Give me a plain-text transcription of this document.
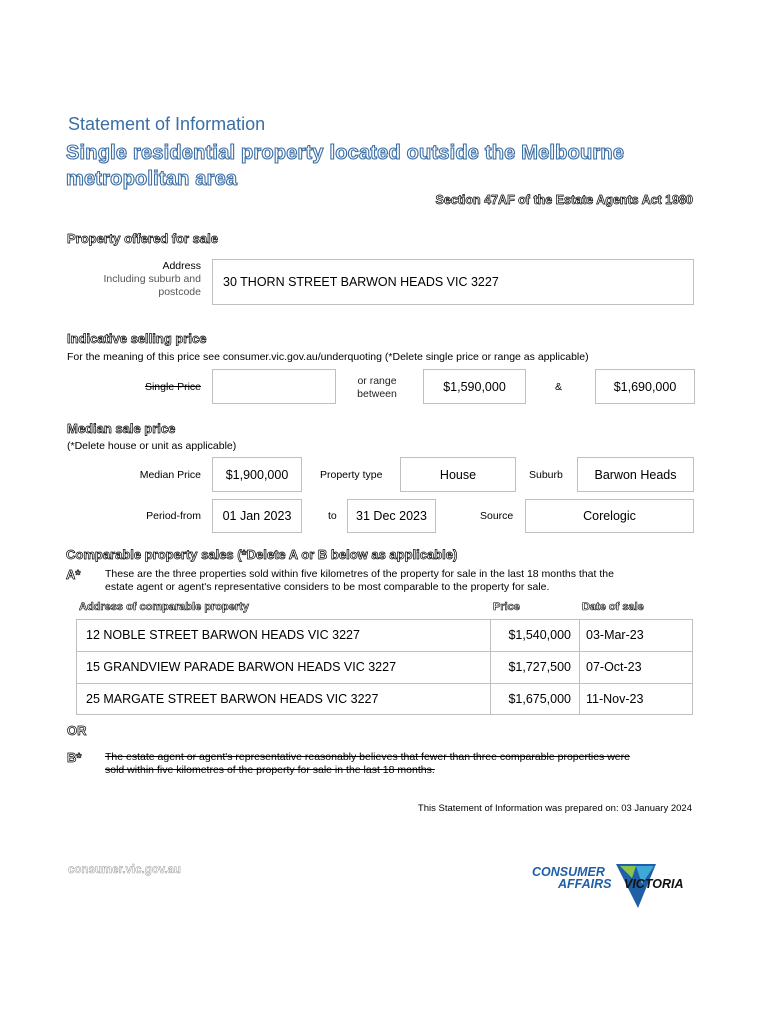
Statement of Information
Single residential property located outside the Melbourne
metropolitan area
Section 47AF of the Estate Agents Act 1980
Property offered for sale
Address
Including suburb and
postcode
30 THORN STREET BARWON HEADS VIC 3227
Indicative selling price
For the meaning of this price see consumer.vic.gov.au/underquoting (*Delete single price or range as applicable)
Single Price	or range
between
$1,590,000	&	$1,690,000
Median sale price
(*Delete house or unit as applicable)
Median Price $1,900,000	Property type	House	Suburb	Barwon Heads
Period-from 01 Jan 2023	to 31 Dec 2023	Source	Corelogic
Comparable property sales (*Delete A or B below as applicable)
A* These are the three properties sold within five kilometres of the property for sale in the last 18 months that the
estate agent or agent's representative considers to be most comparable to the property for sale.
Address of comparable property	Price	Date of sale
12 NOBLE STREET BARWON HEADS VIC 3227	$1,540,000 03-Mar-23
15 GRANDVIEW PARADE BARWON HEADS VIC 3227	$1,727,500 07-Oct-23
25 MARGATE STREET BARWON HEADS VIC 3227	$1,675,000 11-Nov-23
OR
B* The estate agent or agent's representative reasonably believes that fewer than three comparable properties were
sold within five kilometres of the property for sale in the last 18 months.
This Statement of Information was prepared on: 03 January 2024
consumer.vic.gov.au	CONSUMER
AFFAIRS VICTORIA
